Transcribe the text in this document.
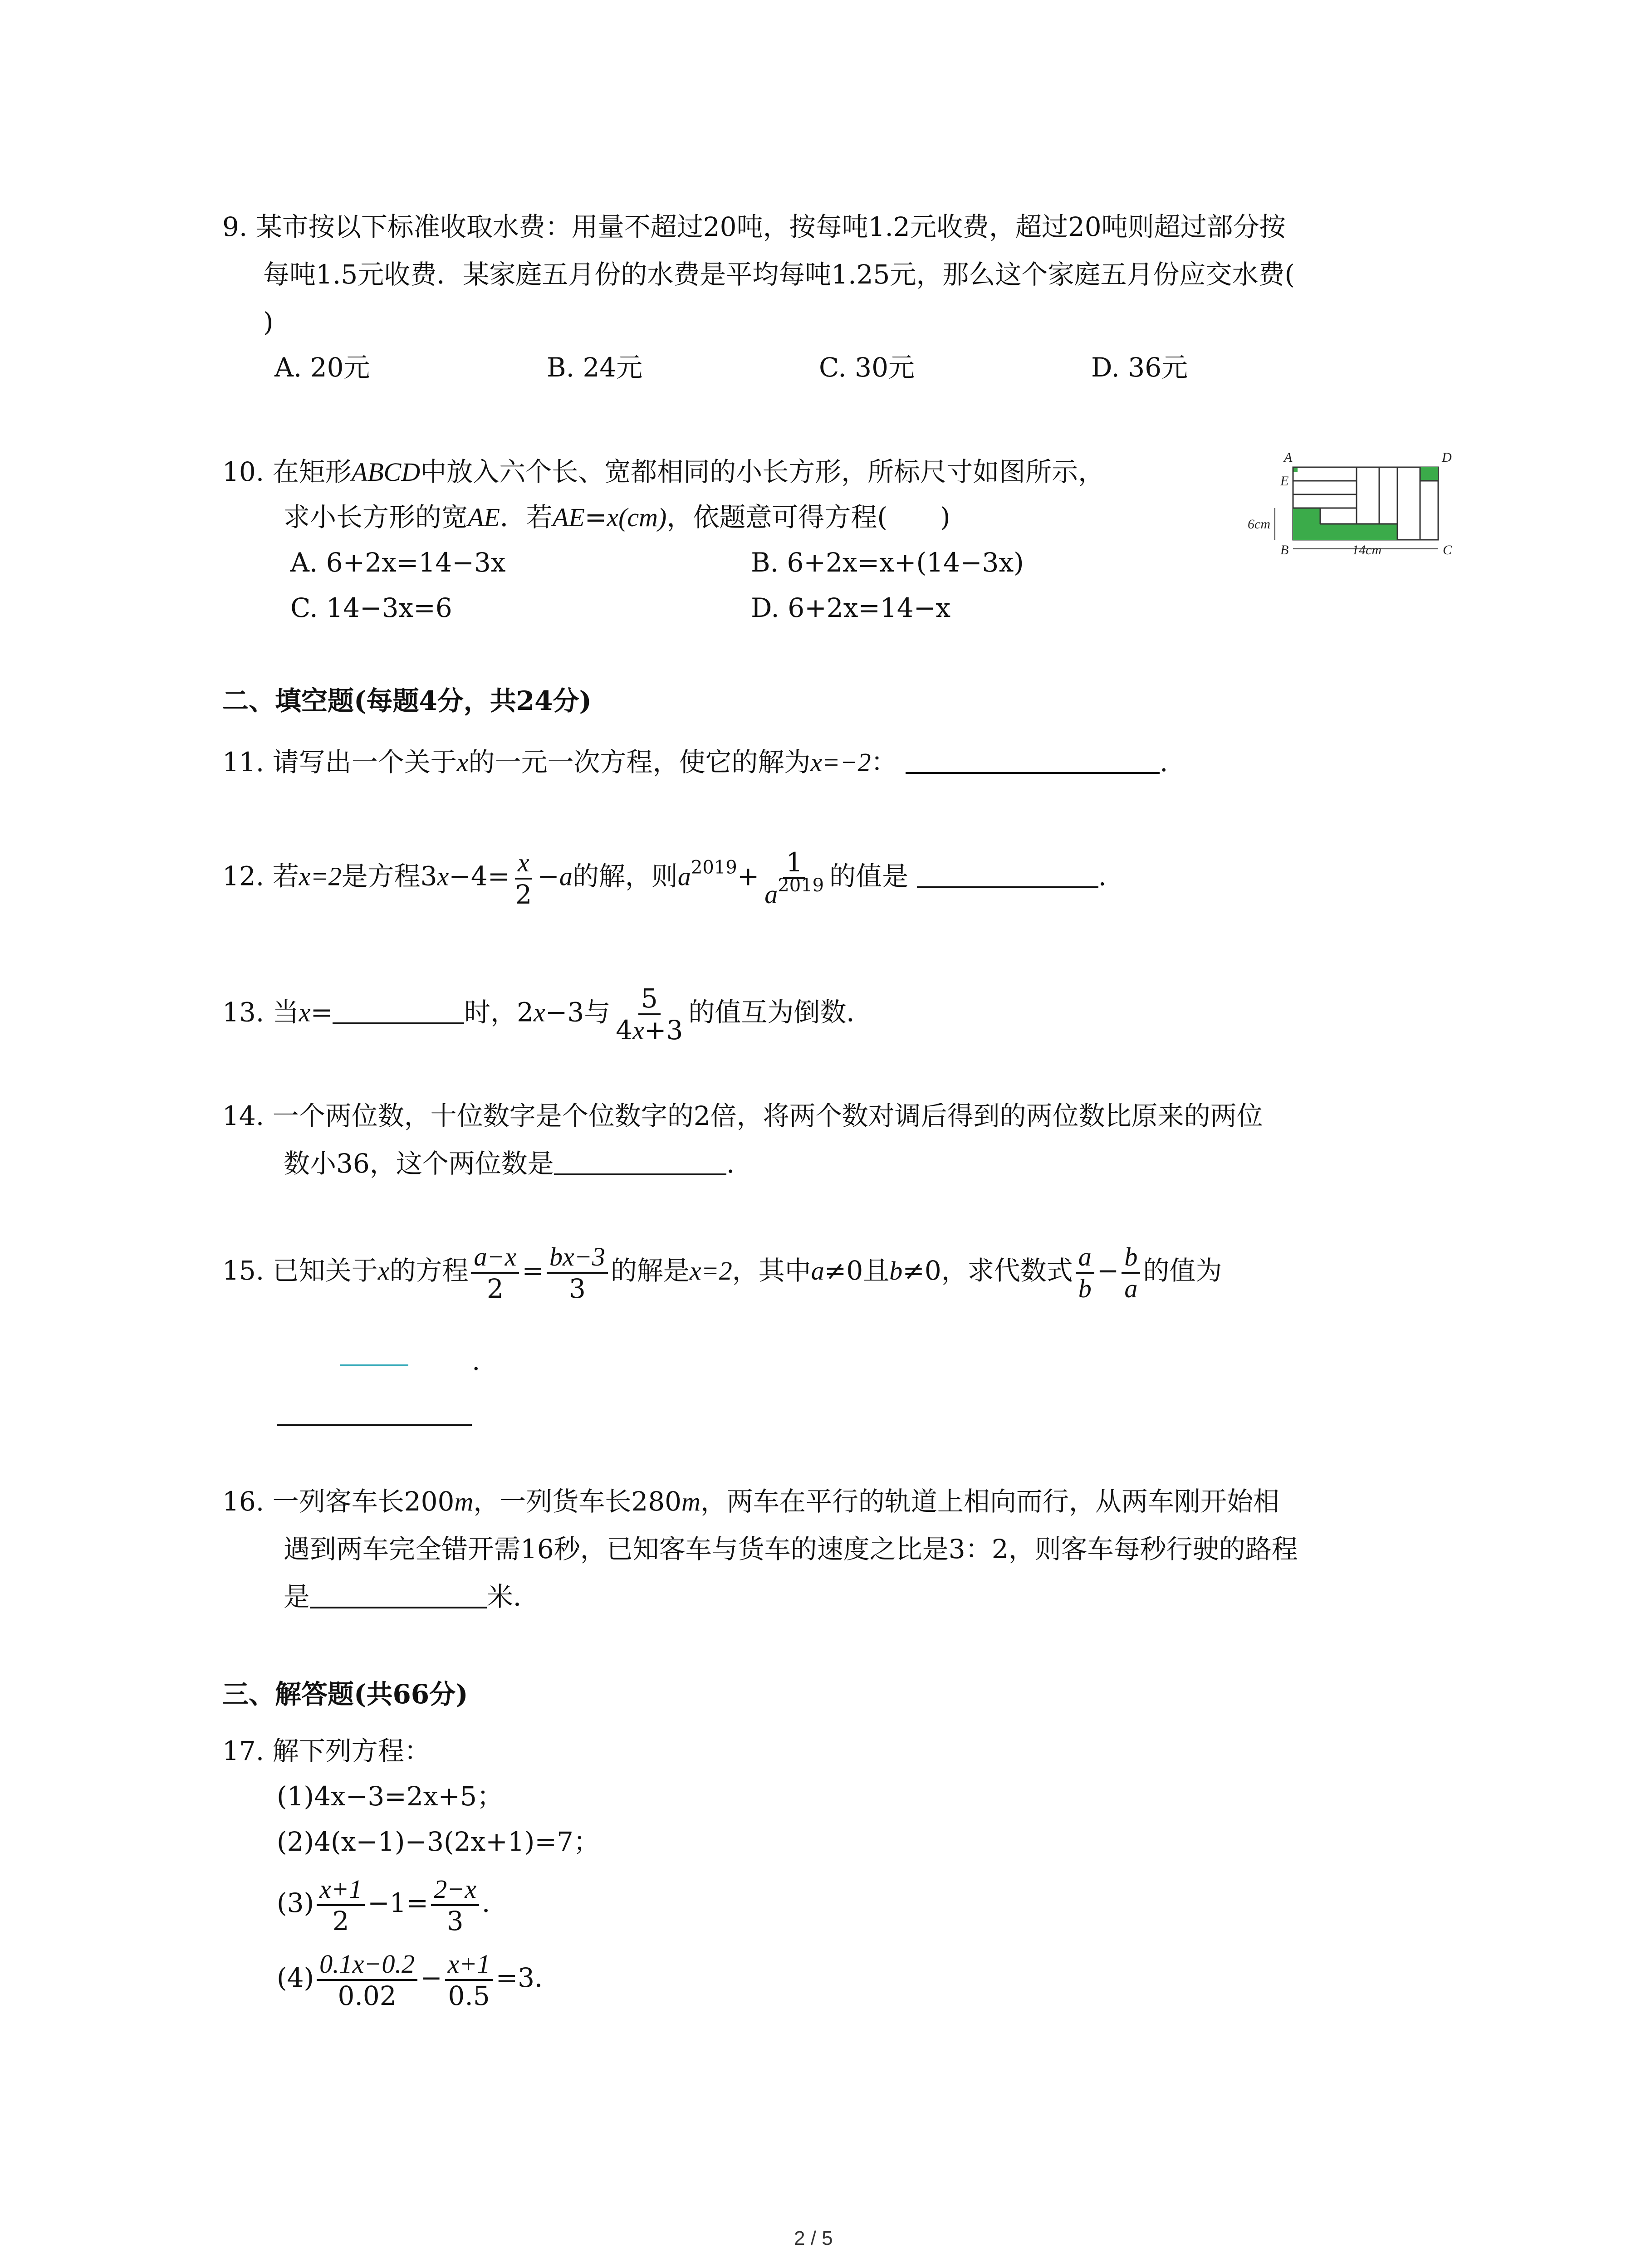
9. 某市按以下标准收取水费：用量不超过20吨，按每吨1.2元收费，超过20吨则超过部分按
每吨1.5元收费．某家庭五月份的水费是平均每吨1.25元，那么这个家庭五月份应交水费(
)
A. 20元	B. 24元	C. 30元	D. 36元
10. 在矩形ABCD中放入六个长、宽都相同的小长方形，所标尺寸如图所示，
求小长方形的宽AE．若AE=x(cm)，依题意可得方程(　　)
A. 6+2x=14−3x	B. 6+2x=x+(14−3x)
C. 14−3x=6	D. 6+2x=14−x
A	D
E
B	C
6cm
14cm
二、填空题(每题4分，共24分)
11. 请写出一个关于x的一元一次方程，使它的解为x=−2：	.
12. 若x=2是方程$3x-4= \frac{x}{2} -a$的解，则$a^{2019}+ \frac{1}{a^{2019}}$ 的值是	.
13. 当x=	时，2x−3与 $\frac{5}{4x+3}$ 的值互为倒数．
14. 一个两位数，十位数字是个位数字的2倍，将两个数对调后得到的两位数比原来的两位
数小36，这个两位数是	.
15. 已知关于x的方程 $\frac{a-x}{2} = \frac{bx-3}{3}$ 的解是x=2，其中a≠0且b≠0，求代数式 $\frac{a}{b} - \frac{b}{a}$ 的值为
.
16. 一列客车长200m，一列货车长280m，两车在平行的轨道上相向而行，从两车刚开始相
遇到两车完全错开需16秒，已知客车与货车的速度之比是3：2，则客车每秒行驶的路程
是	米．
三、解答题(共66分)
17. 解下列方程：
(1)4x−3=2x+5；
(2)4(x−1)−3(2x+1)=7；
$(3) \frac{x+1}{2} -1= \frac{2-x}{3}$ ．
$(4) \frac{0.1x-0.2}{0.02} - \frac{x+1}{0.5} =3$．
2 / 5
